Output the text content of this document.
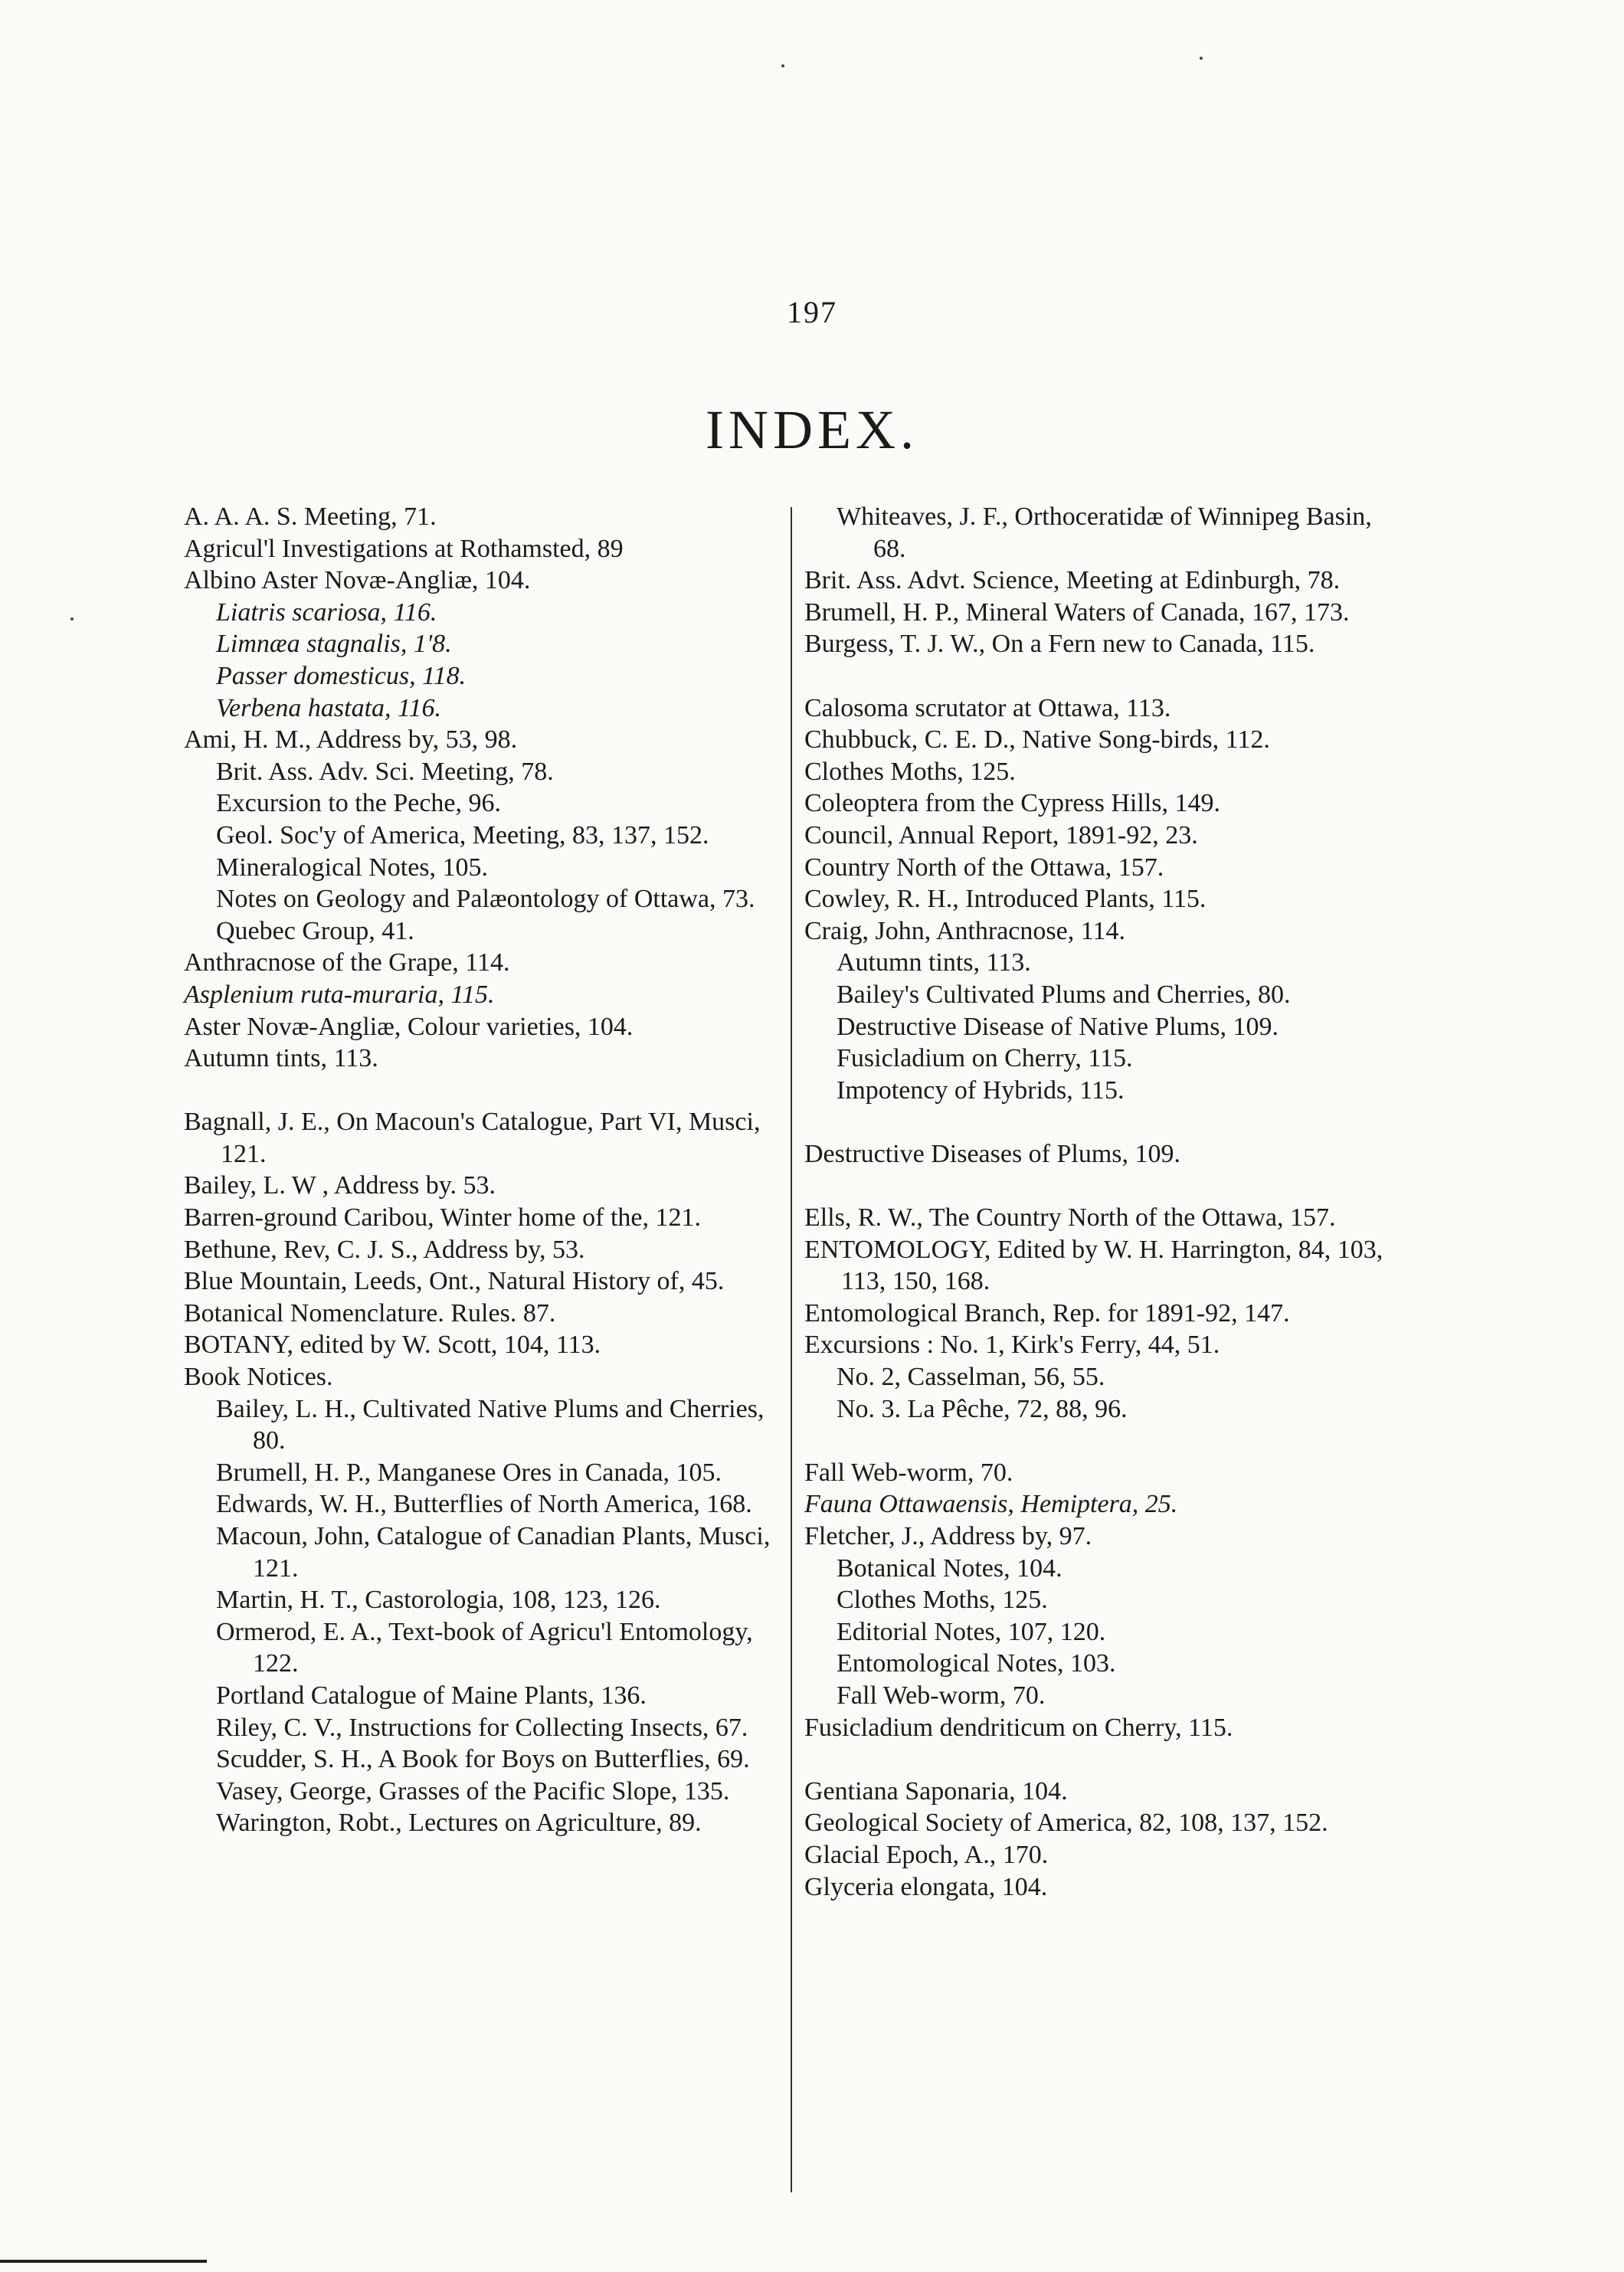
197
INDEX.
A. A. A. S. Meeting, 71.
Agricul'l Investigations at Rothamsted, 89
Albino Aster Novæ-Angliæ, 104.
Liatris scariosa, 116.
Limnæa stagnalis, 1'8.
Passer domesticus, 118.
Verbena hastata, 116.
Ami, H. M., Address by, 53, 98.
Brit. Ass. Adv. Sci. Meeting, 78.
Excursion to the Peche, 96.
Geol. Soc'y of America, Meeting, 83, 137, 152.
Mineralogical Notes, 105.
Notes on Geology and Palæontology of Ottawa, 73.
Quebec Group, 41.
Anthracnose of the Grape, 114.
Asplenium ruta-muraria, 115.
Aster Novæ-Angliæ, Colour varieties, 104.
Autumn tints, 113.
Bagnall, J. E., On Macoun's Catalogue, Part VI, Musci, 121.
Bailey, L. W , Address by. 53.
Barren-ground Caribou, Winter home of the, 121.
Bethune, Rev, C. J. S., Address by, 53.
Blue Mountain, Leeds, Ont., Natural History of, 45.
Botanical Nomenclature. Rules. 87.
BOTANY, edited by W. Scott, 104, 113.
Book Notices.
Bailey, L. H., Cultivated Native Plums and Cherries, 80.
Brumell, H. P., Manganese Ores in Canada, 105.
Edwards, W. H., Butterflies of North America, 168.
Macoun, John, Catalogue of Canadian Plants, Musci, 121.
Martin, H. T., Castorologia, 108, 123, 126.
Ormerod, E. A., Text-book of Agricu'l Entomology, 122.
Portland Catalogue of Maine Plants, 136.
Riley, C. V., Instructions for Collecting Insects, 67.
Scudder, S. H., A Book for Boys on Butterflies, 69.
Vasey, George, Grasses of the Pacific Slope, 135.
Warington, Robt., Lectures on Agriculture, 89.
Whiteaves, J. F., Orthoceratidæ of Winnipeg Basin, 68.
Brit. Ass. Advt. Science, Meeting at Edinburgh, 78.
Brumell, H. P., Mineral Waters of Canada, 167, 173.
Burgess, T. J. W., On a Fern new to Canada, 115.
Calosoma scrutator at Ottawa, 113.
Chubbuck, C. E. D., Native Song-birds, 112.
Clothes Moths, 125.
Coleoptera from the Cypress Hills, 149.
Council, Annual Report, 1891-92, 23.
Country North of the Ottawa, 157.
Cowley, R. H., Introduced Plants, 115.
Craig, John, Anthracnose, 114.
Autumn tints, 113.
Bailey's Cultivated Plums and Cherries, 80.
Destructive Disease of Native Plums, 109.
Fusicladium on Cherry, 115.
Impotency of Hybrids, 115.
Destructive Diseases of Plums, 109.
Ells, R. W., The Country North of the Ottawa, 157.
ENTOMOLOGY, Edited by W. H. Harrington, 84, 103, 113, 150, 168.
Entomological Branch, Rep. for 1891-92, 147.
Excursions : No. 1, Kirk's Ferry, 44, 51.
No. 2, Casselman, 56, 55.
No. 3. La Pêche, 72, 88, 96.
Fall Web-worm, 70.
Fauna Ottawaensis, Hemiptera, 25.
Fletcher, J., Address by, 97.
Botanical Notes, 104.
Clothes Moths, 125.
Editorial Notes, 107, 120.
Entomological Notes, 103.
Fall Web-worm, 70.
Fusicladium dendriticum on Cherry, 115.
Gentiana Saponaria, 104.
Geological Society of America, 82, 108, 137, 152.
Glacial Epoch, A., 170.
Glyceria elongata, 104.
